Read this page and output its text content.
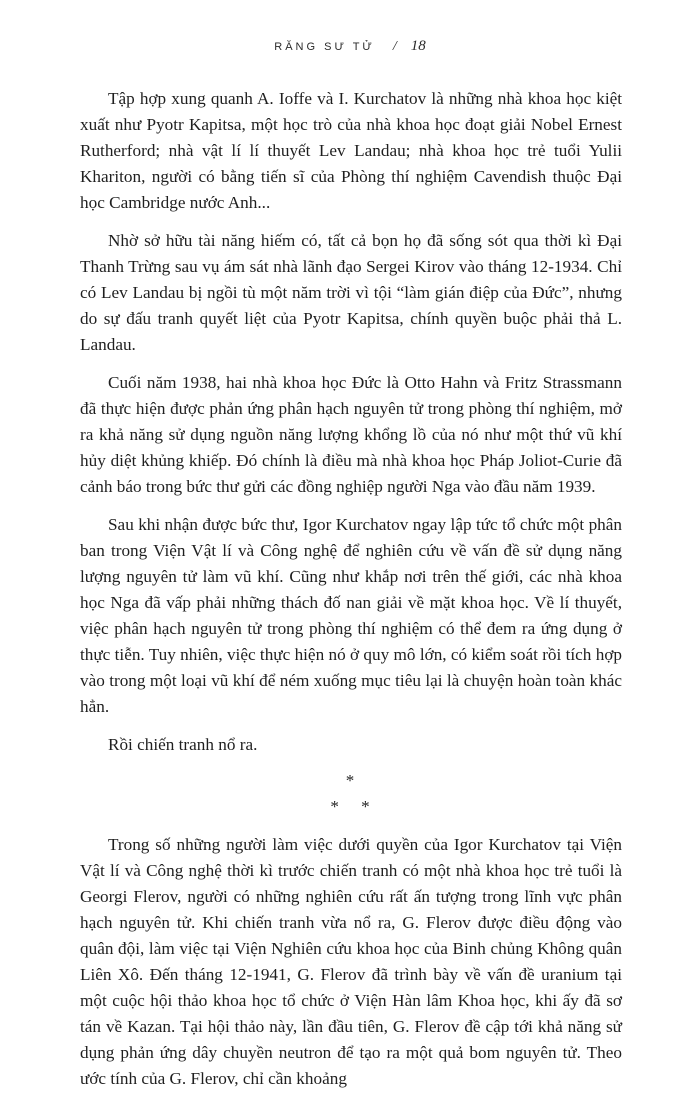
RĂNG SƯ TỬ / 18

Tập hợp xung quanh A. Ioffe và I. Kurchatov là những nhà khoa học kiệt xuất như Pyotr Kapitsa, một học trò của nhà khoa học đoạt giải Nobel Ernest Rutherford; nhà vật lí lí thuyết Lev Landau; nhà khoa học trẻ tuổi Yulii Khariton, người có bằng tiến sĩ của Phòng thí nghiệm Cavendish thuộc Đại học Cambridge nước Anh...

Nhờ sở hữu tài năng hiếm có, tất cả bọn họ đã sống sót qua thời kì Đại Thanh Trừng sau vụ ám sát nhà lãnh đạo Sergei Kirov vào tháng 12-1934. Chỉ có Lev Landau bị ngồi tù một năm trời vì tội “làm gián điệp của Đức”, nhưng do sự đấu tranh quyết liệt của Pyotr Kapitsa, chính quyền buộc phải thả L. Landau.

Cuối năm 1938, hai nhà khoa học Đức là Otto Hahn và Fritz Strassmann đã thực hiện được phản ứng phân hạch nguyên tử trong phòng thí nghiệm, mở ra khả năng sử dụng nguồn năng lượng khổng lồ của nó như một thứ vũ khí hủy diệt khủng khiếp. Đó chính là điều mà nhà khoa học Pháp Joliot-Curie đã cảnh báo trong bức thư gửi các đồng nghiệp người Nga vào đầu năm 1939.

Sau khi nhận được bức thư, Igor Kurchatov ngay lập tức tổ chức một phân ban trong Viện Vật lí và Công nghệ để nghiên cứu về vấn đề sử dụng năng lượng nguyên tử làm vũ khí. Cũng như khắp nơi trên thế giới, các nhà khoa học Nga đã vấp phải những thách đố nan giải về mặt khoa học. Về lí thuyết, việc phân hạch nguyên tử trong phòng thí nghiệm có thể đem ra ứng dụng ở thực tiễn. Tuy nhiên, việc thực hiện nó ở quy mô lớn, có kiểm soát rồi tích hợp vào trong một loại vũ khí để ném xuống mục tiêu lại là chuyện hoàn toàn khác hẳn.

Rồi chiến tranh nổ ra.

*
* *

Trong số những người làm việc dưới quyền của Igor Kurchatov tại Viện Vật lí và Công nghệ thời kì trước chiến tranh có một nhà khoa học trẻ tuổi là Georgi Flerov, người có những nghiên cứu rất ấn tượng trong lĩnh vực phân hạch nguyên tử. Khi chiến tranh vừa nổ ra, G. Flerov được điều động vào quân đội, làm việc tại Viện Nghiên cứu khoa học của Binh chủng Không quân Liên Xô. Đến tháng 12-1941, G. Flerov đã trình bày về vấn đề uranium tại một cuộc hội thảo khoa học tổ chức ở Viện Hàn lâm Khoa học, khi ấy đã sơ tán về Kazan. Tại hội thảo này, lần đầu tiên, G. Flerov đề cập tới khả năng sử dụng phản ứng dây chuyền neutron để tạo ra một quả bom nguyên tử. Theo ước tính của G. Flerov, chỉ cần khoảng
